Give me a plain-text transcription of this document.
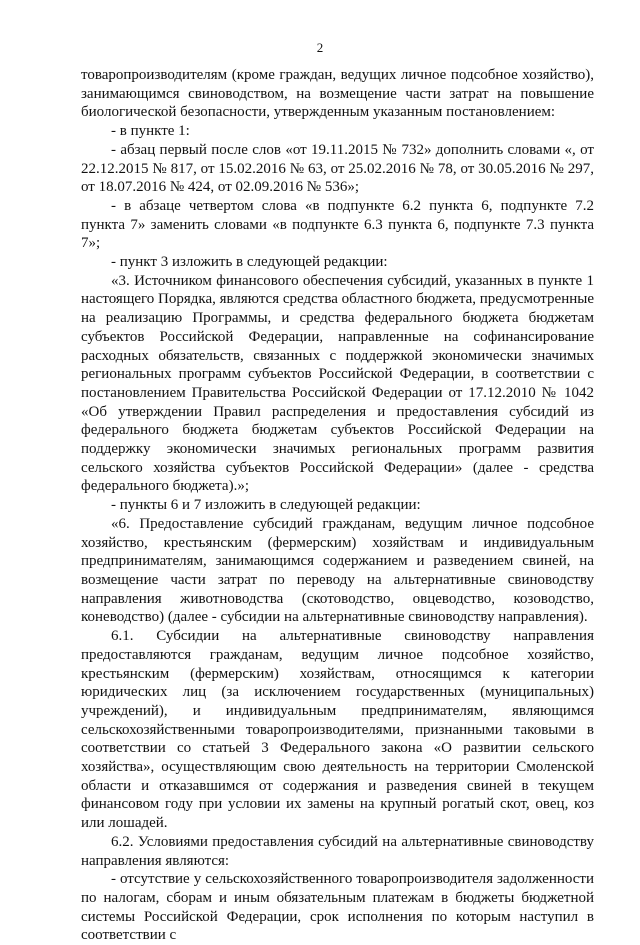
2

товаропроизводителям (кроме граждан, ведущих личное подсобное хозяйство), занимающимся свиноводством, на возмещение части затрат на повышение биологической безопасности, утвержденным указанным постановлением:

- в пункте 1:

- абзац первый после слов «от 19.11.2015 № 732» дополнить словами «, от 22.12.2015 № 817, от 15.02.2016 № 63, от 25.02.2016 № 78, от 30.05.2016 № 297, от 18.07.2016 № 424, от 02.09.2016 № 536»;

- в абзаце четвертом слова «в подпункте 6.2 пункта 6, подпункте 7.2 пункта 7» заменить словами «в подпункте 6.3 пункта 6, подпункте 7.3 пункта 7»;

- пункт 3 изложить в следующей редакции:

«3. Источником финансового обеспечения субсидий, указанных в пункте 1 настоящего Порядка, являются средства областного бюджета, предусмотренные на реализацию Программы, и средства федерального бюджета бюджетам субъектов Российской Федерации, направленные на софинансирование расходных обязательств, связанных с поддержкой экономически значимых региональных программ субъектов Российской Федерации, в соответствии с постановлением Правительства Российской Федерации от 17.12.2010 № 1042 «Об утверждении Правил распределения и предоставления субсидий из федерального бюджета бюджетам субъектов Российской Федерации на поддержку экономически значимых региональных программ развития сельского хозяйства субъектов Российской Федерации» (далее - средства федерального бюджета).»;

- пункты 6 и 7 изложить в следующей редакции:

«6. Предоставление субсидий гражданам, ведущим личное подсобное хозяйство, крестьянским (фермерским) хозяйствам и индивидуальным предпринимателям, занимающимся содержанием и разведением свиней, на возмещение части затрат по переводу на альтернативные свиноводству направления животноводства (скотоводство, овцеводство, козоводство, коневодство) (далее - субсидии на альтернативные свиноводству направления).

6.1. Субсидии на альтернативные свиноводству направления предоставляются гражданам, ведущим личное подсобное хозяйство, крестьянским (фермерским) хозяйствам, относящимся к категории юридических лиц (за исключением государственных (муниципальных) учреждений), и индивидуальным предпринимателям, являющимся сельскохозяйственными товаропроизводителями, признанными таковыми в соответствии со статьей 3 Федерального закона «О развитии сельского хозяйства», осуществляющим свою деятельность на территории Смоленской области и отказавшимся от содержания и разведения свиней в текущем финансовом году при условии их замены на крупный рогатый скот, овец, коз или лошадей.

6.2. Условиями предоставления субсидий на альтернативные свиноводству направления являются:

- отсутствие у сельскохозяйственного товаропроизводителя задолженности по налогам, сборам и иным обязательным платежам в бюджеты бюджетной системы Российской Федерации, срок исполнения по которым наступил в соответствии с
